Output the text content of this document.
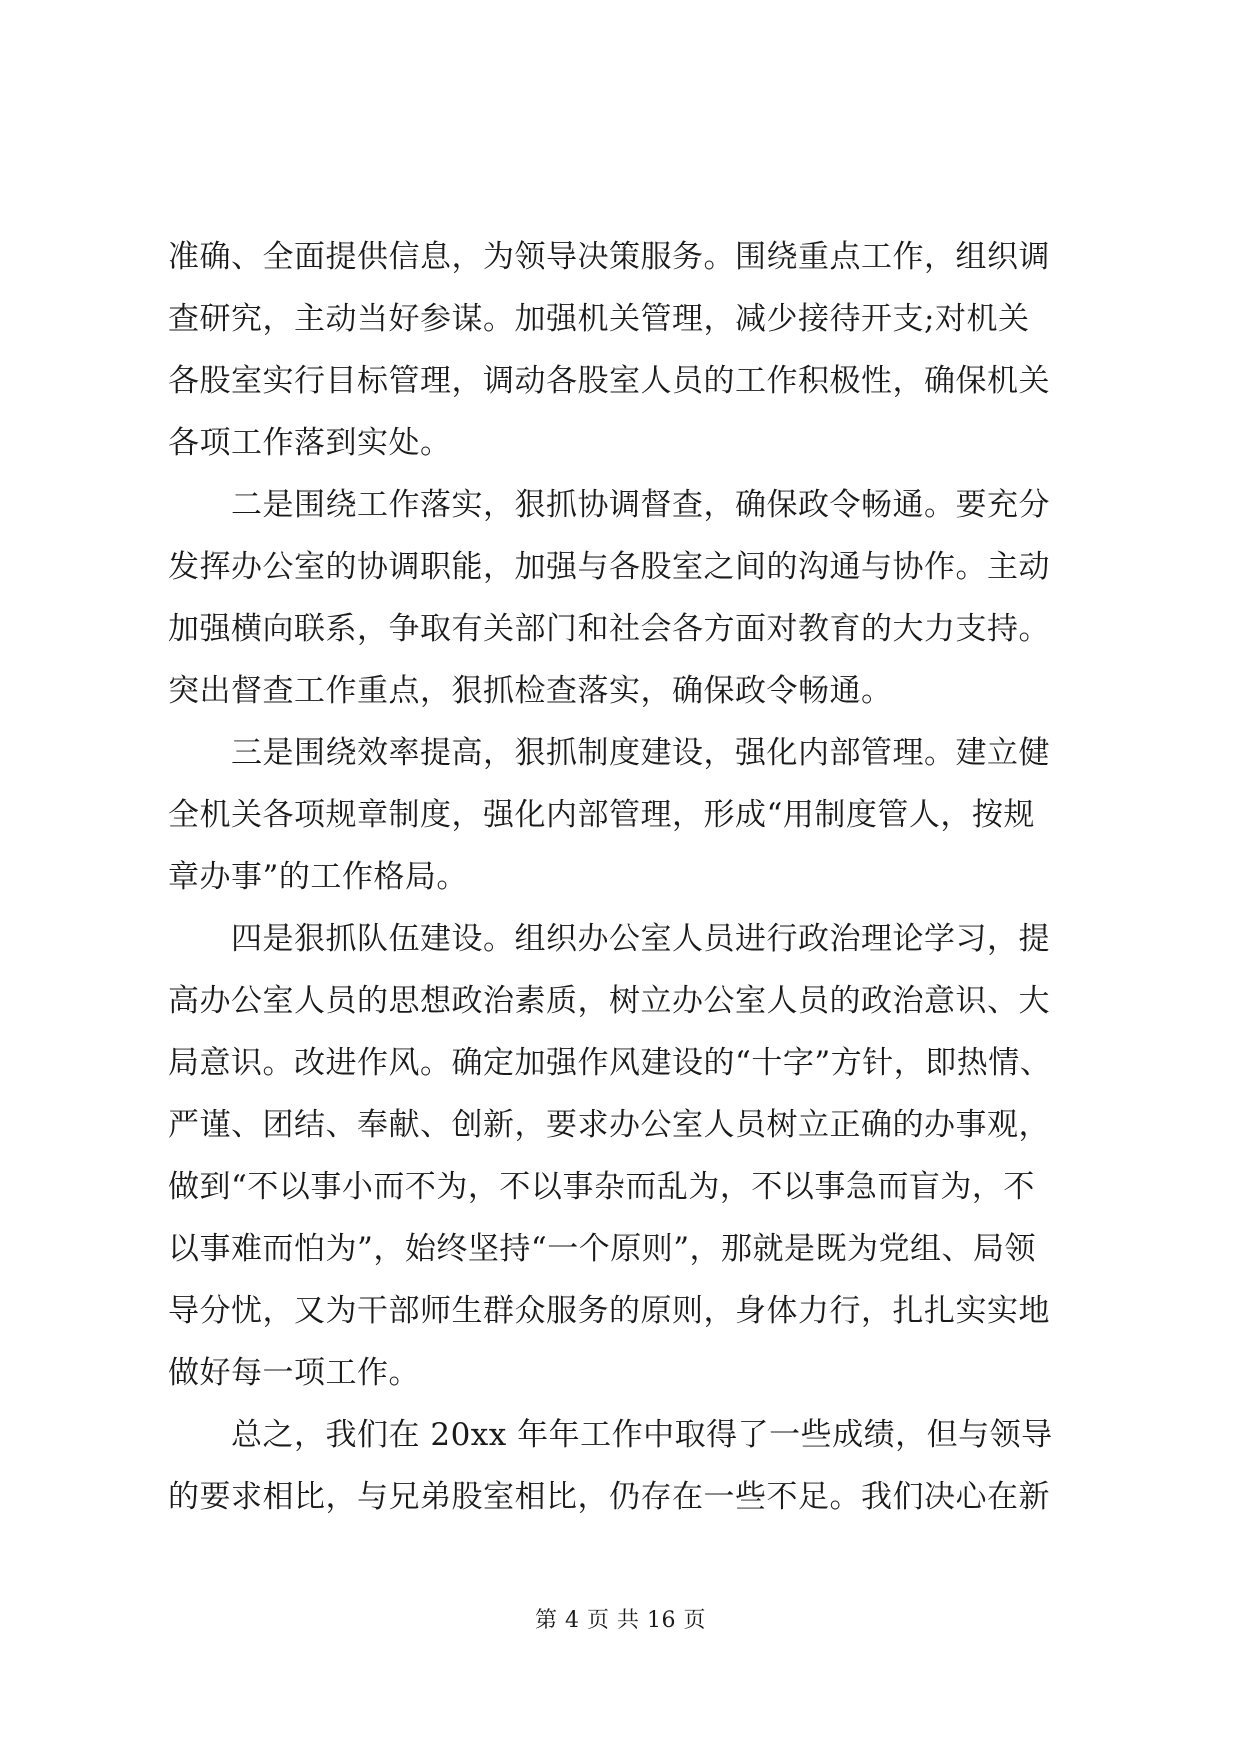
准确、全面提供信息，为领导决策服务。围绕重点工作，组织调
查研究，主动当好参谋。加强机关管理，减少接待开支;对机关
各股室实行目标管理，调动各股室人员的工作积极性，确保机关
各项工作落到实处。

　　二是围绕工作落实，狠抓协调督查，确保政令畅通。要充分
发挥办公室的协调职能，加强与各股室之间的沟通与协作。主动
加强横向联系，争取有关部门和社会各方面对教育的大力支持。
突出督查工作重点，狠抓检查落实，确保政令畅通。

　　三是围绕效率提高，狠抓制度建设，强化内部管理。建立健
全机关各项规章制度，强化内部管理，形成“用制度管人，按规
章办事”的工作格局。

　　四是狠抓队伍建设。组织办公室人员进行政治理论学习，提
高办公室人员的思想政治素质，树立办公室人员的政治意识、大
局意识。改进作风。确定加强作风建设的“十字”方针，即热情、
严谨、团结、奉献、创新，要求办公室人员树立正确的办事观，
做到“不以事小而不为，不以事杂而乱为，不以事急而盲为，不
以事难而怕为”，始终坚持“一个原则”，那就是既为党组、局领
导分忧，又为干部师生群众服务的原则，身体力行，扎扎实实地
做好每一项工作。

　　总之，我们在 20xx 年年工作中取得了一些成绩，但与领导
的要求相比，与兄弟股室相比，仍存在一些不足。我们决心在新

第 4 页 共 16 页
